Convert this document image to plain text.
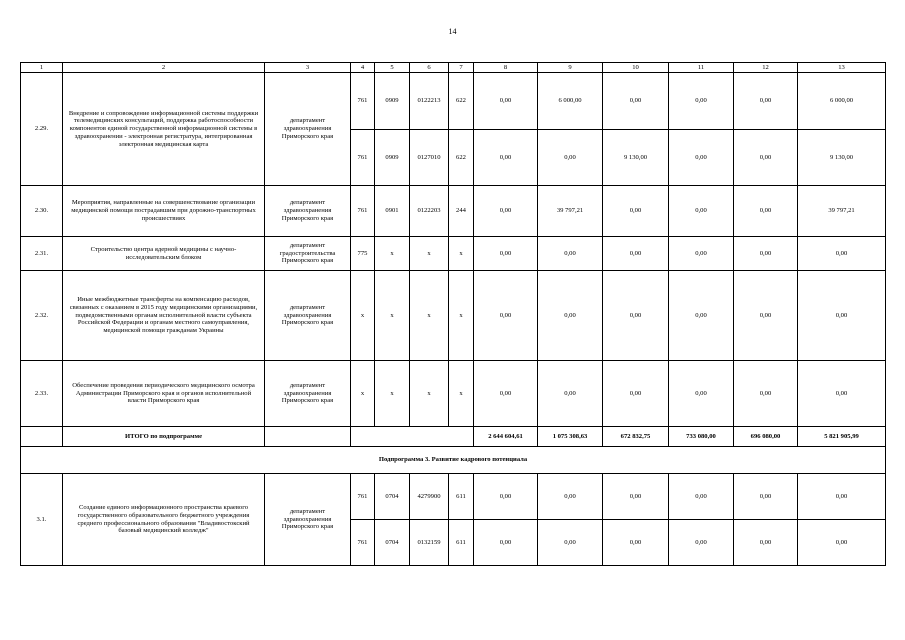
14
1	2	3	4	5	6	7	8	9	10	11	12	13
2.29.	Внедрение и сопровождение информационной системы поддержки телемедицинских консультаций, поддержка работоспособности компонентов единой государственной информационной системы в здравоохранении - электронная регистратура, интегрированная электронная медицинская карта	департамент здравоохранения Приморского края	761	0909	0122213	622	0,00	6 000,00	0,00	0,00	0,00	6 000,00
			761	0909	0127010	622	0,00	0,00	9 130,00	0,00	0,00	9 130,00
2.30.	Мероприятия, направленные на совершенствование организации медицинской помощи пострадавшим при дорожно-транспортных происшествиях	департамент здравоохранения Приморского края	761	0901	0122203	244	0,00	39 797,21	0,00	0,00	0,00	39 797,21
2.31.	Строительство центра ядерной медицины с научно-исследовательским блоком	департамент градостроительства Приморского края	775	x	x	x	0,00	0,00	0,00	0,00	0,00	0,00
2.32.	Иные межбюджетные трансферты на компенсацию расходов, связанных с оказанием в 2015 году медицинскими организациями, подведомственными органам исполнительной власти субъекта Российской Федерации и органам местного самоуправления, медицинской помощи гражданам Украины	департамент здравоохранения Приморского края	x	x	x	x	0,00	0,00	0,00	0,00	0,00	0,00
2.33.	Обеспечение проведения периодического медицинского осмотра Администрации Приморского края и органов исполнительной власти Приморского края	департамент здравоохранения Приморского края	x	x	x	x	0,00	0,00	0,00	0,00	0,00	0,00
	ИТОГО по подпрограмме						2 644 604,61	1 075 308,63	672 832,75	733 080,00	696 080,00	5 821 905,99
Подпрограмма 3. Развитие кадрового потенциала												
3.1.	Создание единого информационного пространства краевого государственного образовательного бюджетного учреждения среднего профессионального образования "Владивостокский базовый медицинский колледж"	департамент здравоохранения Приморского края	761	0704	4279900	611	0,00	0,00	0,00	0,00	0,00	0,00
			761	0704	0132159	611	0,00	0,00	0,00	0,00	0,00	0,00
